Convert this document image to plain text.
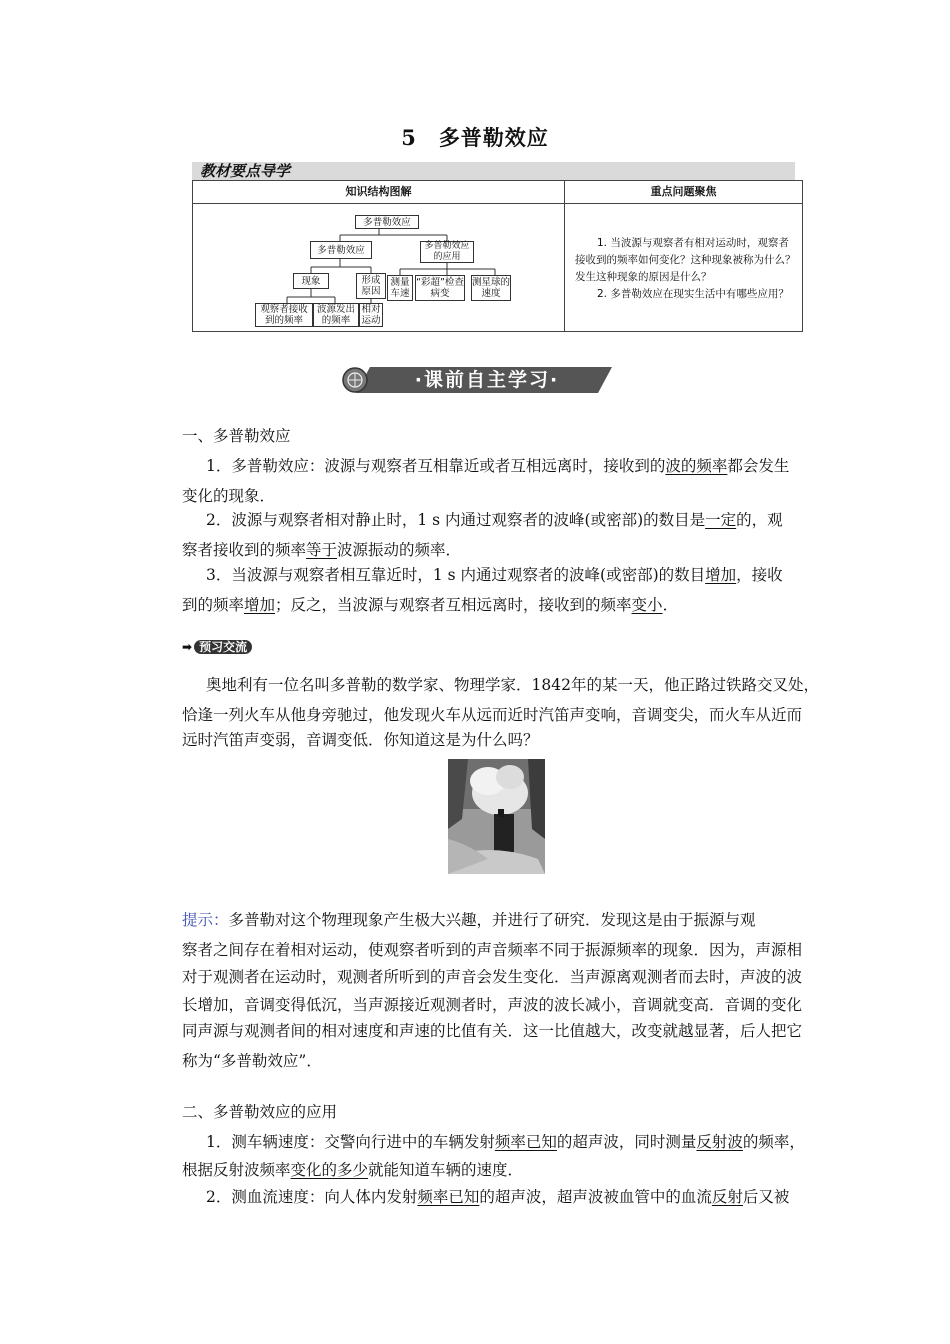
5 多普勒效应
教材要点导学
知识结构图解	重点问题聚焦
多普勒效应
多普勒效应	多普勒效应的应用
现象	形成原因
观察者接收到的频率
波源发出的频率
相对运动
测量车速
“彩超”检查病变
测星球的速度

1. 当波源与观察者有相对运动时，观察者接收到的频率如何变化？这种现象被称为什么？发生这种现象的原因是什么？

2. 多普勒效应在现实生活中有哪些应用？

·课前自主学习·
一、多普勒效应
1．多普勒效应：波源与观察者互相靠近或者互相远离时，接收到的波的频率都会发生
变化的现象．
2．波源与观察者相对静止时，1 s 内通过观察者的波峰(或密部)的数目是一定的，观
察者接收到的频率等于波源振动的频率．
3．当波源与观察者相互靠近时，1 s 内通过观察者的波峰(或密部)的数目增加，接收
到的频率增加；反之，当波源与观察者互相远离时，接收到的频率变小．
➡ 预习交流
奥地利有一位名叫多普勒的数学家、物理学家．1842年的某一天，他正路过铁路交叉处，
恰逢一列火车从他身旁驰过，他发现火车从远而近时汽笛声变响，音调变尖，而火车从近而
远时汽笛声变弱，音调变低．你知道这是为什么吗？
提示：多普勒对这个物理现象产生极大兴趣，并进行了研究．发现这是由于振源与观
察者之间存在着相对运动，使观察者听到的声音频率不同于振源频率的现象．因为，声源相
对于观测者在运动时，观测者所听到的声音会发生变化．当声源离观测者而去时，声波的波
长增加，音调变得低沉，当声源接近观测者时，声波的波长减小，音调就变高．音调的变化
同声源与观测者间的相对速度和声速的比值有关．这一比值越大，改变就越显著，后人把它
称为“多普勒效应”．
二、多普勒效应的应用
1．测车辆速度：交警向行进中的车辆发射频率已知的超声波，同时测量反射波的频率，
根据反射波频率变化的多少就能知道车辆的速度．
2．测血流速度：向人体内发射频率已知的超声波，超声波被血管中的血流反射后又被
